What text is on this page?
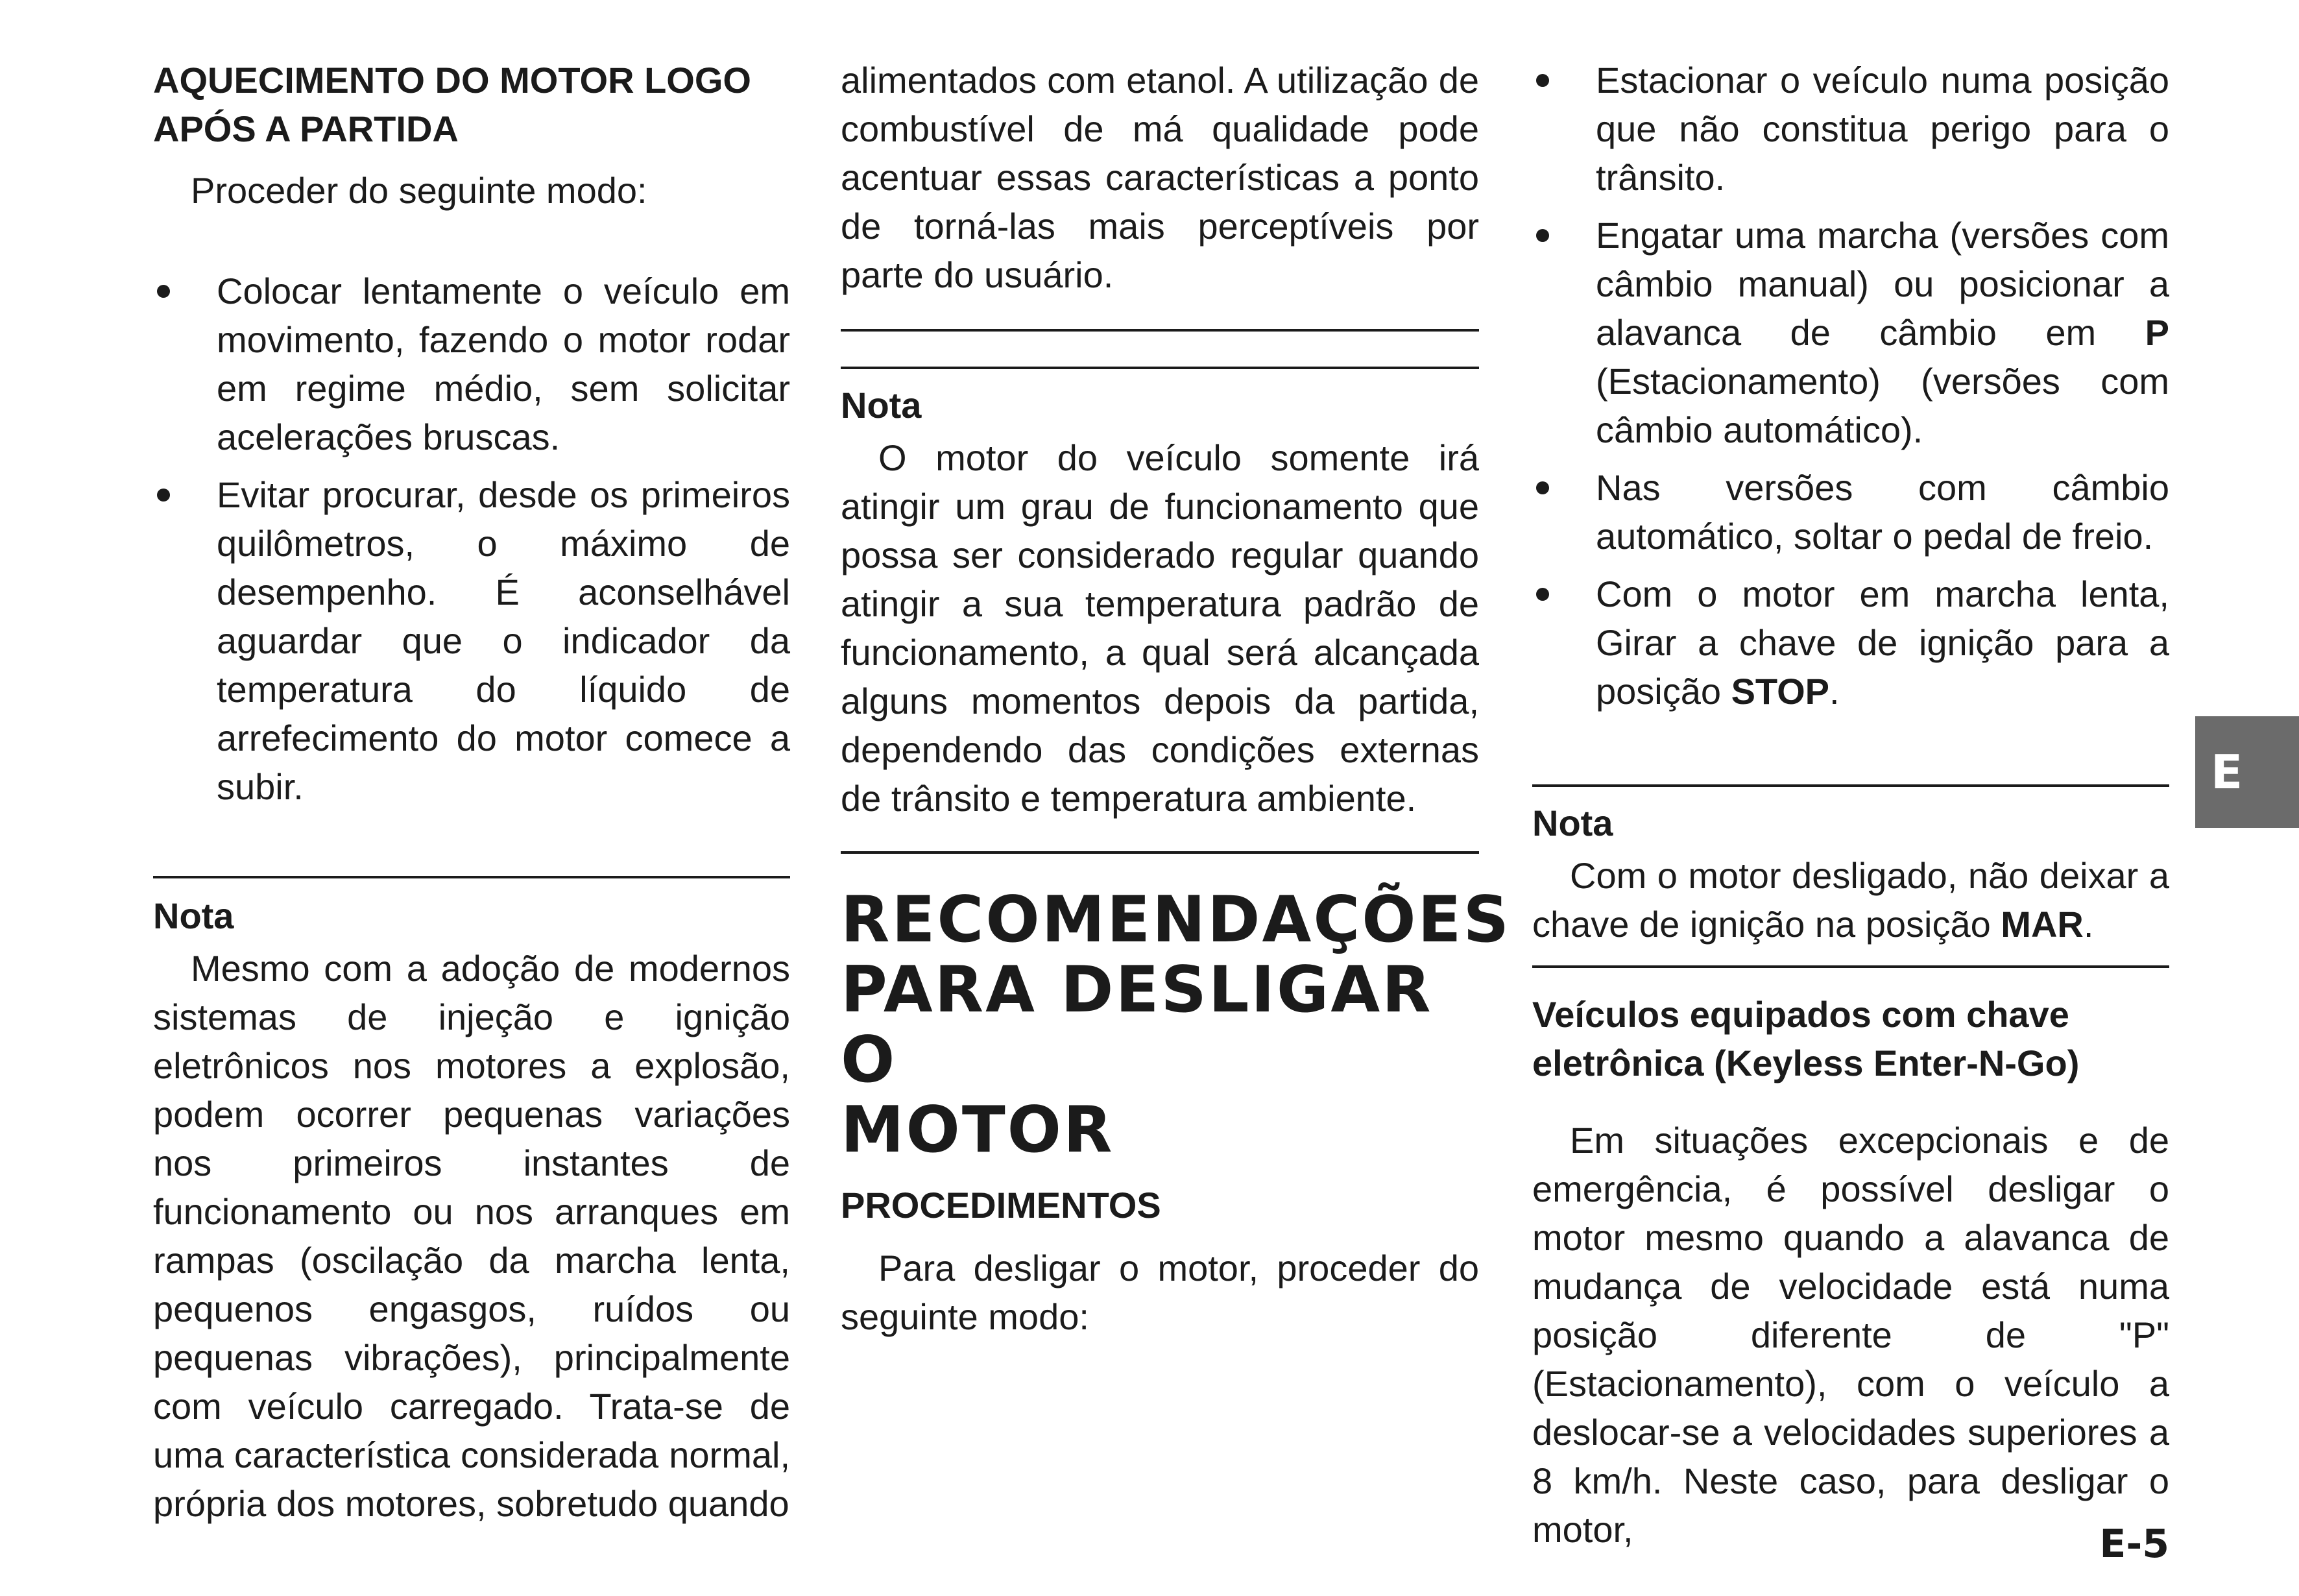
AQUECIMENTO DO MOTOR LOGO APÓS A PARTIDA

Proceder do seguinte modo:

Colocar lentamente o veículo em movimento, fazendo o motor rodar em regime médio, sem solicitar acelerações bruscas.
Evitar procurar, desde os primeiros quilômetros, o máximo de desempenho. É aconselhável aguardar que o indicador da temperatura do líquido de arrefecimento do motor comece a subir.

Nota

Mesmo com a adoção de modernos sistemas de injeção e ignição eletrônicos nos motores a explosão, podem ocorrer pequenas variações nos primeiros instantes de funcionamento ou nos arranques em rampas (oscilação da marcha lenta, pequenos engasgos, ruídos ou pequenas vibrações), principalmente com veículo carregado. Trata-se de uma característica considerada normal, própria dos motores, sobretudo quando

alimentados com etanol. A utilização de combustível de má qualidade pode acentuar essas características a ponto de torná-las mais perceptíveis por parte do usuário.

Nota

O motor do veículo somente irá atingir um grau de funcionamento que possa ser considerado regular quando atingir a sua temperatura padrão de funcionamento, a qual será alcançada alguns momentos depois da partida, dependendo das condições externas de trânsito e temperatura ambiente.

RECOMENDAÇÕES
PARA DESLIGAR O
MOTOR

PROCEDIMENTOS

Para desligar o motor, proceder do seguinte modo:

Estacionar o veículo numa posição que não constitua perigo para o trânsito.
Engatar uma marcha (versões com câmbio manual) ou posicionar a alavanca de câmbio em P (Estacionamento) (versões com câmbio automático).
Nas versões com câmbio automático, soltar o pedal de freio.
Com o motor em marcha lenta, Girar a chave de ignição para a posição STOP.

Nota

Com o motor desligado, não deixar a chave de ignição na posição MAR.

Veículos equipados com chave eletrônica (Keyless Enter-N-Go)

Em situações excepcionais e de emergência, é possível desligar o motor mesmo quando a alavanca de mudança de velocidade está numa posição diferente de "P" (Estacionamento), com o veículo a deslocar-se a velocidades superiores a 8 km/h. Neste caso, para desligar o motor,

E
E-5
